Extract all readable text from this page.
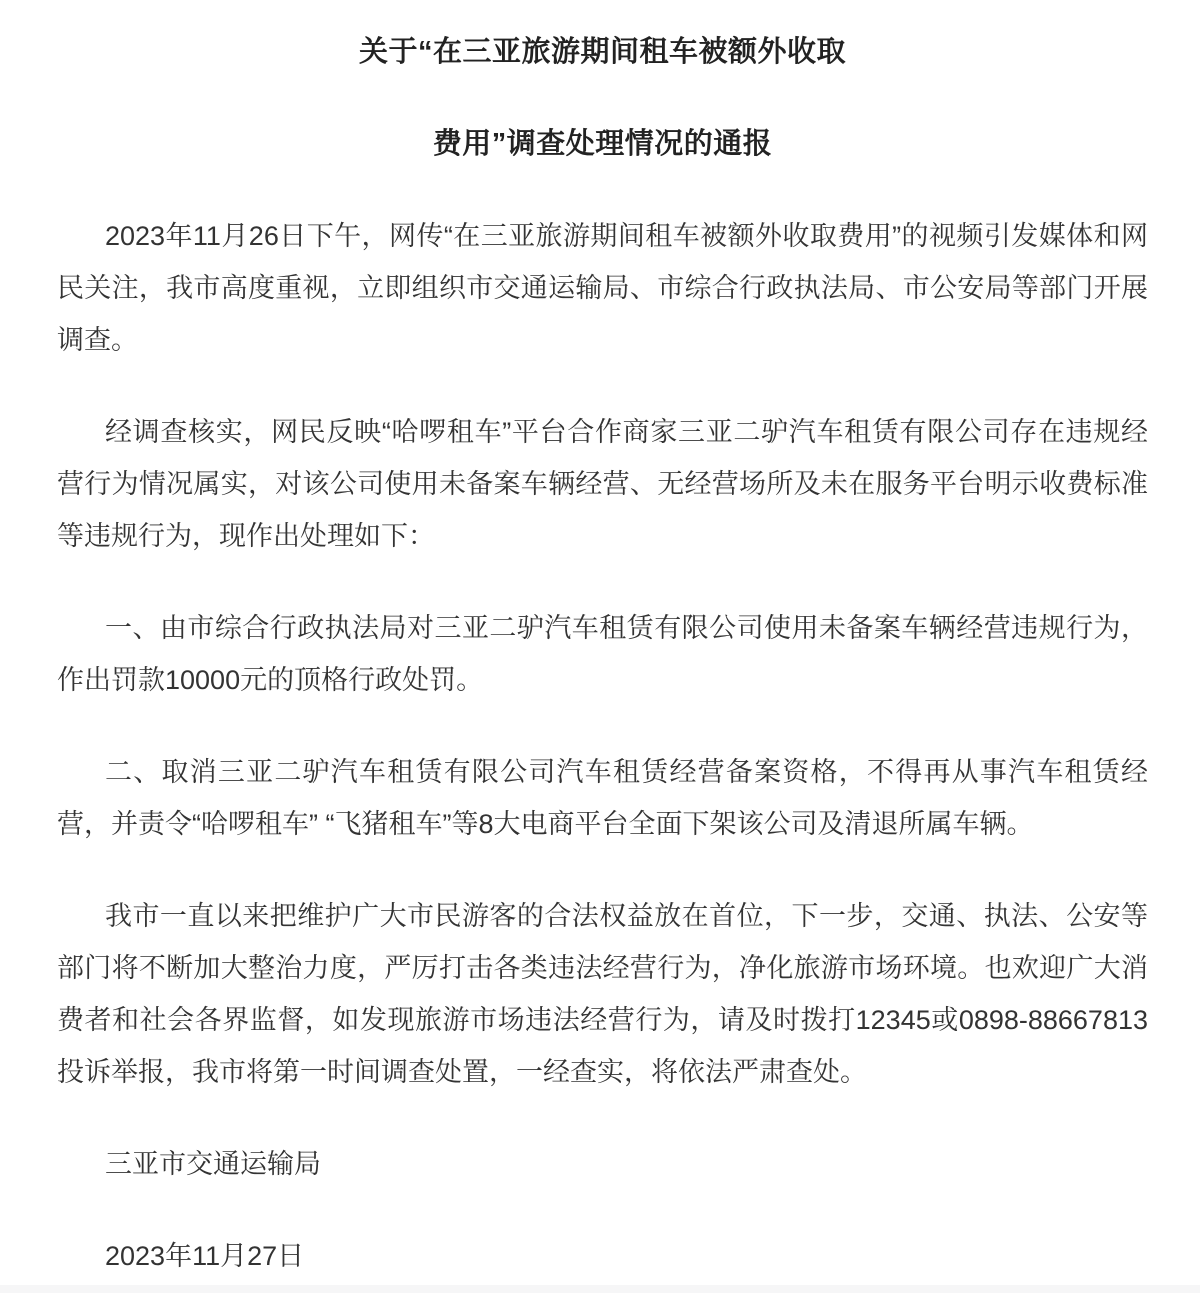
关于“在三亚旅游期间租车被额外收取
费用”调查处理情况的通报

2023年11月26日下午，网传“在三亚旅游期间租车被额外收取费用”的视频引发媒体和网民关注，我市高度重视，立即组织市交通运输局、市综合行政执法局、市公安局等部门开展调查。

经调查核实，网民反映“哈啰租车”平台合作商家三亚二驴汽车租赁有限公司存在违规经营行为情况属实，对该公司使用未备案车辆经营、无经营场所及未在服务平台明示收费标准等违规行为，现作出处理如下：

一、由市综合行政执法局对三亚二驴汽车租赁有限公司使用未备案车辆经营违规行为，作出罚款10000元的顶格行政处罚。

二、取消三亚二驴汽车租赁有限公司汽车租赁经营备案资格，不得再从事汽车租赁经营，并责令“哈啰租车” “飞猪租车”等8大电商平台全面下架该公司及清退所属车辆。

我市一直以来把维护广大市民游客的合法权益放在首位，下一步，交通、执法、公安等部门将不断加大整治力度，严厉打击各类违法经营行为，净化旅游市场环境。也欢迎广大消费者和社会各界监督，如发现旅游市场违法经营行为，请及时拨打12345或0898-88667813投诉举报，我市将第一时间调查处置，一经查实，将依法严肃查处。

三亚市交通运输局

2023年11月27日
